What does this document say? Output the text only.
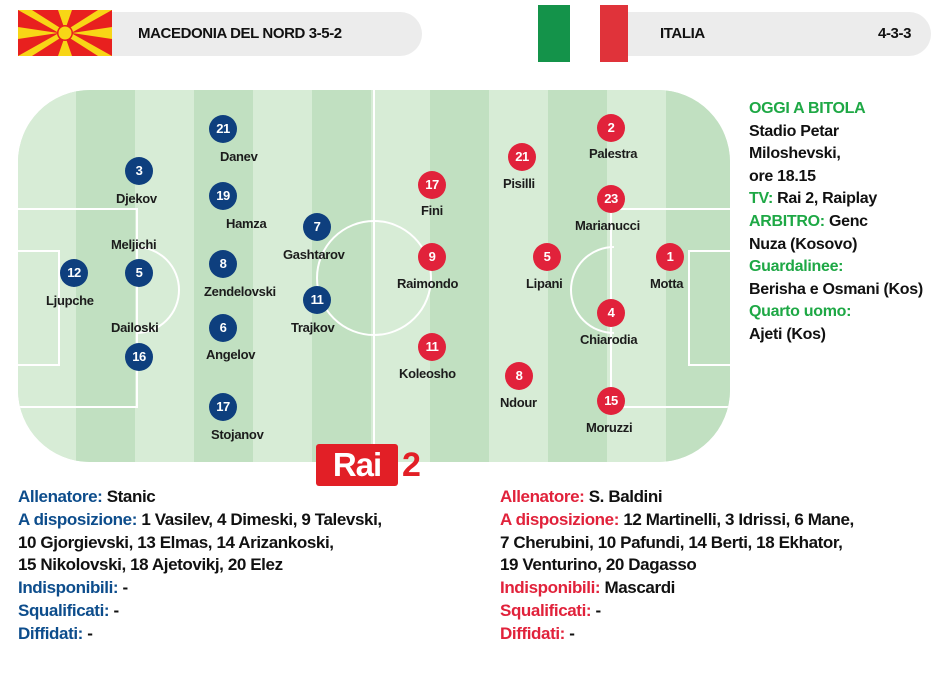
MACEDONIA DEL NORD 3-5-2	ITALIA	4-3-3
21
Danev
3
Djekov	19
Hamza	7
Gashtarov
12
Ljupche
Meljichi
5
8
Zendelovski
11
Trajkov
Dailoski
16
6
Angelov
17
Stojanov
2
Palestra
21
Pisilli
17
Fini
23
Marianucci
9
Raimondo
5
Lipani
1
Motta
4
Chiarodia
11
Koleosho	8
Ndour	15
Moruzzi
Rai 2
OGGI A BITOLA
Stadio Petar
Miloshevski,
ore 18.15
TV: Rai 2, Raiplay
ARBITRO: Genc
Nuza (Kosovo)
Guardalinee:
Berisha e Osmani (Kos)
Quarto uomo:
Ajeti (Kos)
Allenatore: Stanic
A disposizione: 1 Vasilev, 4 Dimeski, 9 Talevski,
10 Gjorgievski, 13 Elmas, 14 Arizankoski,
15 Nikolovski, 18 Ajetovikj, 20 Elez
Indisponibili: -
Squalificati: -
Diffidati: -
Allenatore: S. Baldini
A disposizione: 12 Martinelli, 3 Idrissi, 6 Mane,
7 Cherubini, 10 Pafundi, 14 Berti, 18 Ekhator,
19 Venturino, 20 Dagasso
Indisponibili: Mascardi
Squalificati: -
Diffidati: -
